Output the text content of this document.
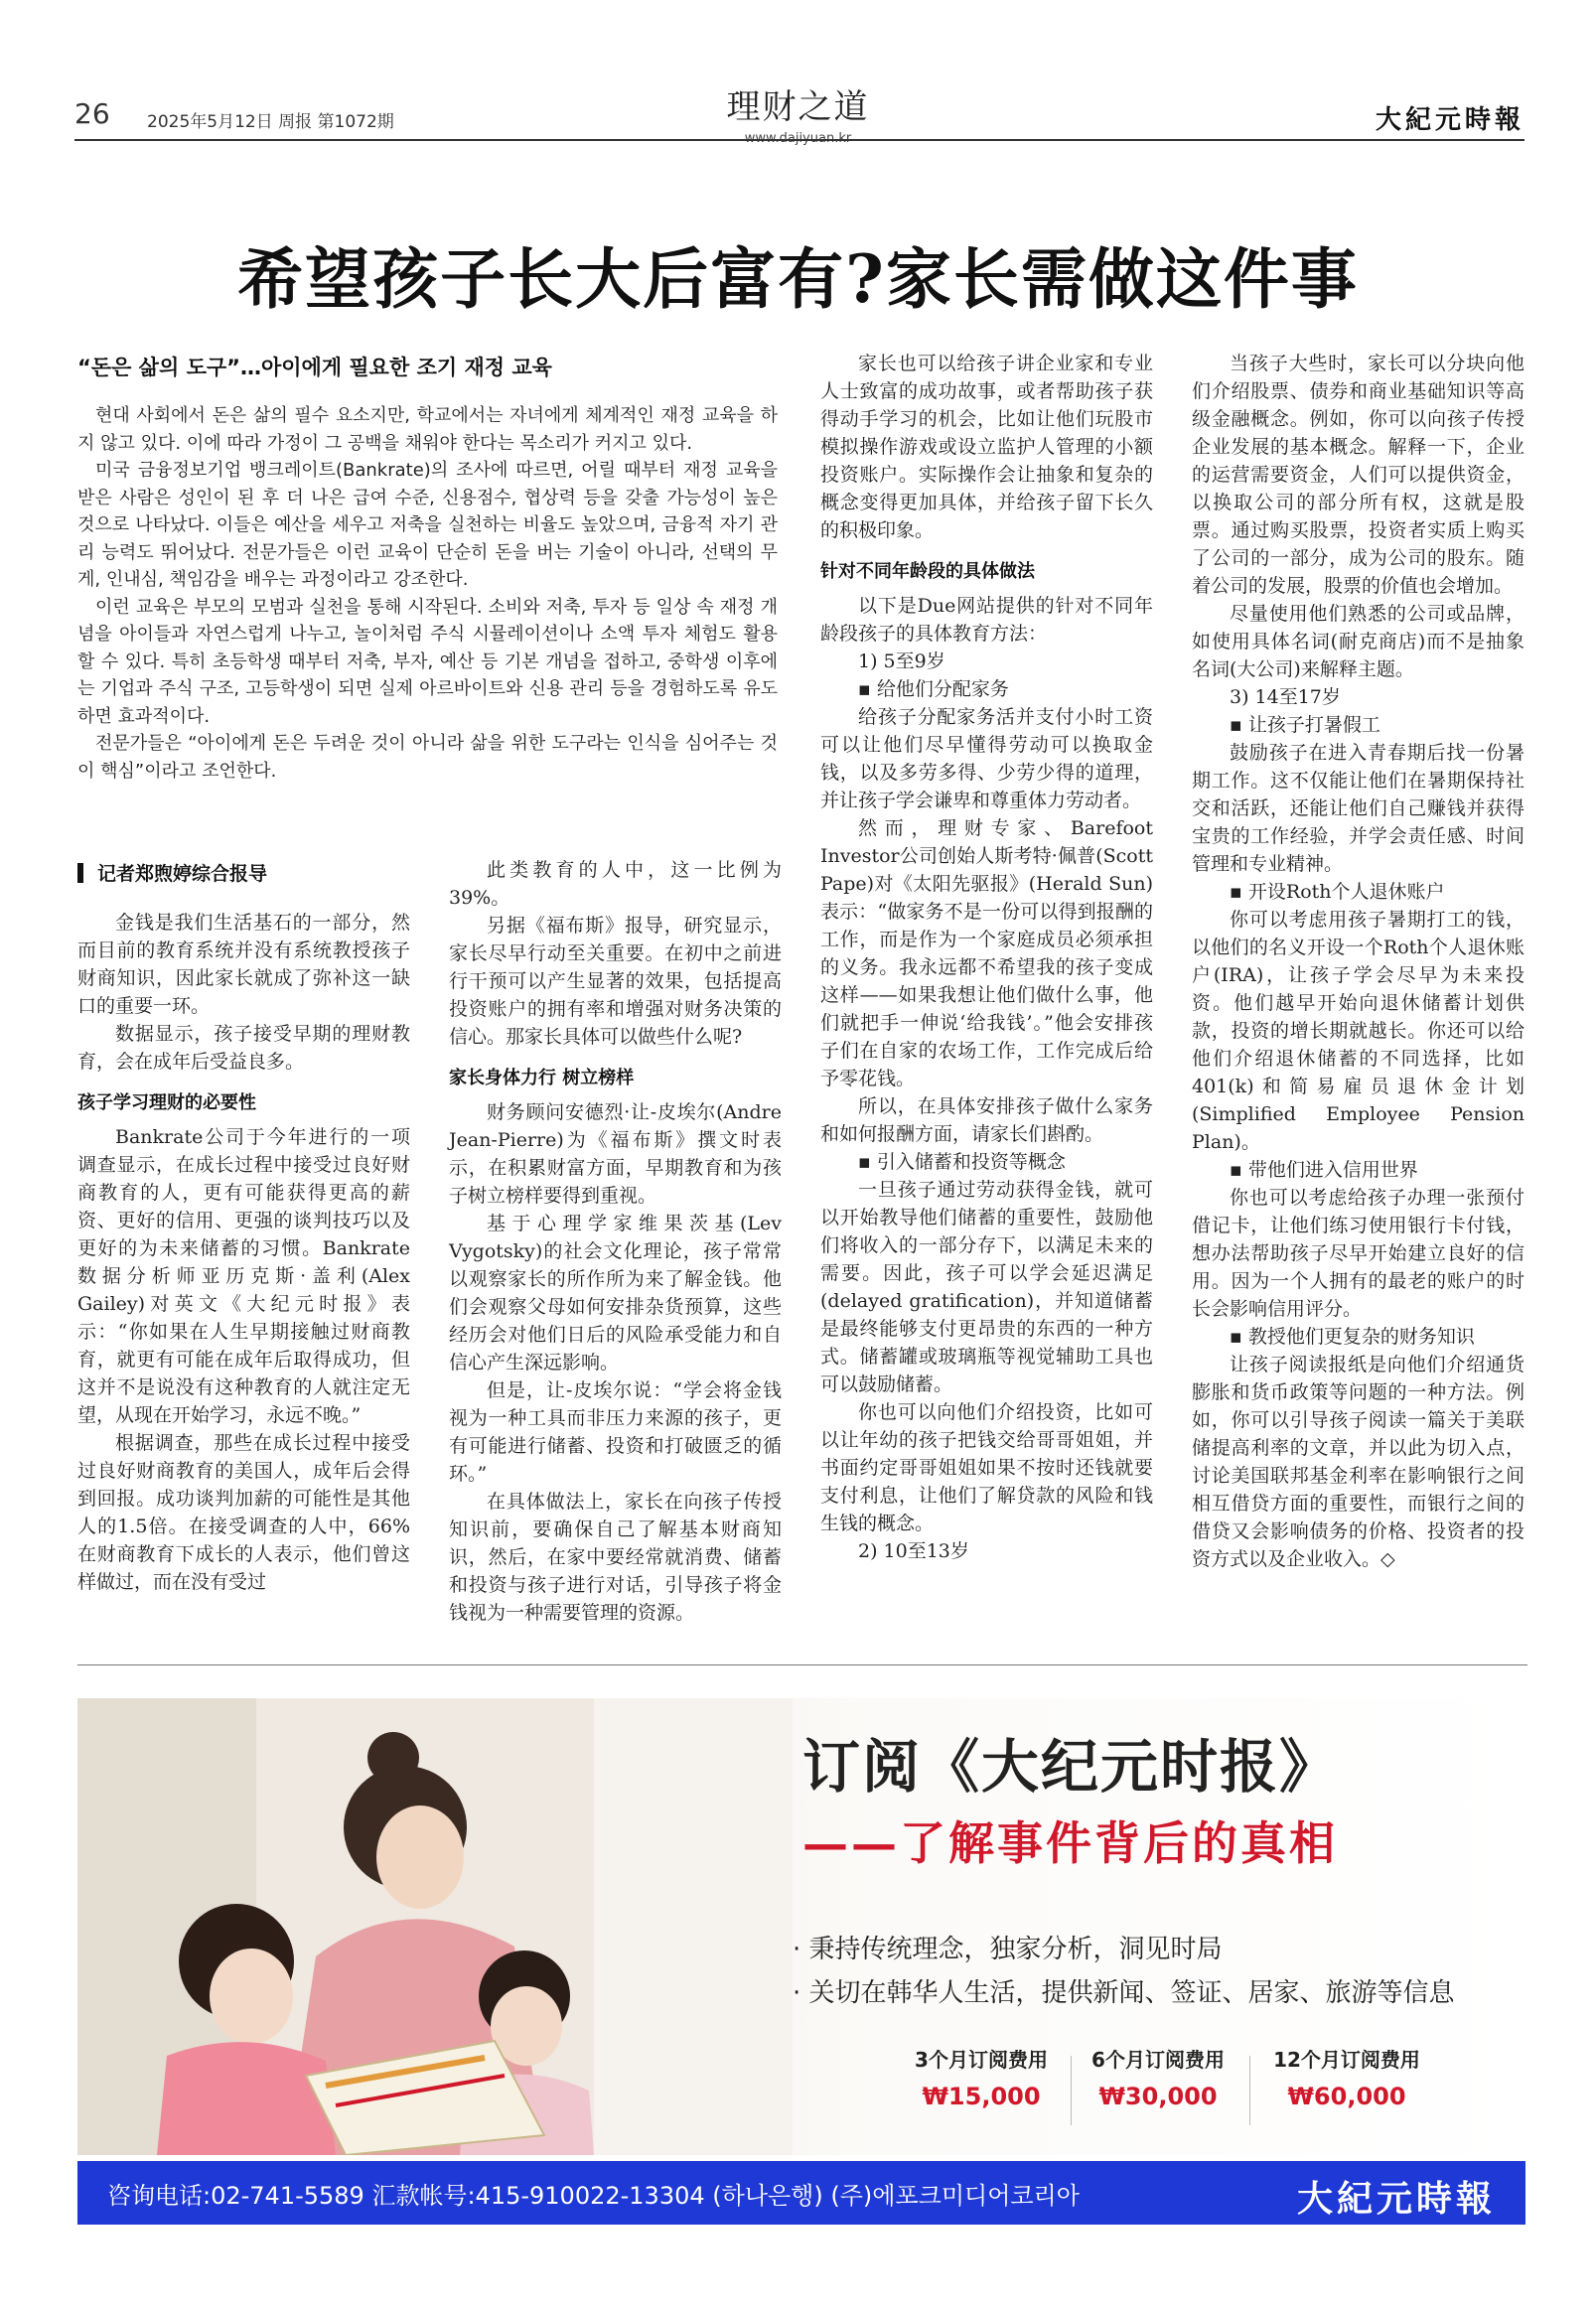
26 2025年5月12日 周报 第1072期	理财之道	大紀元時報
希望孩子长大后富有?家长需做这件事
“돈은 삶의 도구”…아이에게 필요한 조기 재정 교육

현대 사회에서 돈은 삶의 필수 요소지만, 학교에서는 자녀에게 체계적인 재정 교육을 하지 않고 있다. 이에 따라 가정이 그 공백을 채워야 한다는 목소리가 커지고 있다.

미국 금융정보기업 뱅크레이트(Bankrate)의 조사에 따르면, 어릴 때부터 재정 교육을 받은 사람은 성인이 된 후 더 나은 급여 수준, 신용점수, 협상력 등을 갖출 가능성이 높은 것으로 나타났다. 이들은 예산을 세우고 저축을 실천하는 비율도 높았으며, 금융적 자기 관리 능력도 뛰어났다. 전문가들은 이런 교육이 단순히 돈을 버는 기술이 아니라, 선택의 무게, 인내심, 책임감을 배우는 과정이라고 강조한다.

이런 교육은 부모의 모범과 실천을 통해 시작된다. 소비와 저축, 투자 등 일상 속 재정 개념을 아이들과 자연스럽게 나누고, 놀이처럼 주식 시뮬레이션이나 소액 투자 체험도 활용할 수 있다. 특히 초등학생 때부터 저축, 부자, 예산 등 기본 개념을 접하고, 중학생 이후에는 기업과 주식 구조, 고등학생이 되면 실제 아르바이트와 신용 관리 등을 경험하도록 유도하면 효과적이다.

전문가들은 “아이에게 돈은 두려운 것이 아니라 삶을 위한 도구라는 인식을 심어주는 것이 핵심”이라고 조언한다.

记者郑煦婷综合报导

金钱是我们生活基石的一部分，然而目前的教育系统并没有系统教授孩子财商知识，因此家长就成了弥补这一缺口的重要一环。

数据显示，孩子接受早期的理财教育，会在成年后受益良多。

孩子学习理财的必要性

Bankrate公司于今年进行的一项调查显示，在成长过程中接受过良好财商教育的人，更有可能获得更高的薪资、更好的信用、更强的谈判技巧以及更好的为未来储蓄的习惯。Bankrate数据分析师亚历克斯·盖利(Alex Gailey)对英文《大纪元时报》表示：“你如果在人生早期接触过财商教育，就更有可能在成年后取得成功，但这并不是说没有这种教育的人就注定无望，从现在开始学习，永远不晚。”

根据调查，那些在成长过程中接受过良好财商教育的美国人，成年后会得到回报。成功谈判加薪的可能性是其他人的1.5倍。在接受调查的人中，66%在财商教育下成长的人表示，他们曾这样做过，而在没有受过

此类教育的人中，这一比例为39%。

另据《福布斯》报导，研究显示，家长尽早行动至关重要。在初中之前进行干预可以产生显著的效果，包括提高投资账户的拥有率和增强对财务决策的信心。那家长具体可以做些什么呢?

家长身体力行 树立榜样

财务顾问安德烈·让-皮埃尔(Andre Jean-Pierre)为《福布斯》撰文时表示，在积累财富方面，早期教育和为孩子树立榜样要得到重视。

基于心理学家维果茨基(Lev Vygotsky)的社会文化理论，孩子常常以观察家长的所作所为来了解金钱。他们会观察父母如何安排杂货预算，这些经历会对他们日后的风险承受能力和自信心产生深远影响。

但是，让-皮埃尔说：“学会将金钱视为一种工具而非压力来源的孩子，更有可能进行储蓄、投资和打破匮乏的循环。”

在具体做法上，家长在向孩子传授知识前，要确保自己了解基本财商知识，然后，在家中要经常就消费、储蓄和投资与孩子进行对话，引导孩子将金钱视为一种需要管理的资源。

家长也可以给孩子讲企业家和专业人士致富的成功故事，或者帮助孩子获得动手学习的机会，比如让他们玩股市模拟操作游戏或设立监护人管理的小额投资账户。实际操作会让抽象和复杂的概念变得更加具体，并给孩子留下长久的积极印象。

针对不同年龄段的具体做法

以下是Due网站提供的针对不同年龄段孩子的具体教育方法：

1) 5至9岁

▪ 给他们分配家务

给孩子分配家务活并支付小时工资可以让他们尽早懂得劳动可以换取金钱，以及多劳多得、少劳少得的道理，并让孩子学会谦卑和尊重体力劳动者。

然而，理财专家、Barefoot Investor公司创始人斯考特·佩普(Scott Pape)对《太阳先驱报》(Herald Sun)表示：“做家务不是一份可以得到报酬的工作，而是作为一个家庭成员必须承担的义务。我永远都不希望我的孩子变成这样——如果我想让他们做什么事，他们就把手一伸说‘给我钱’。”他会安排孩子们在自家的农场工作，工作完成后给予零花钱。

所以，在具体安排孩子做什么家务和如何报酬方面，请家长们斟酌。

▪ 引入储蓄和投资等概念

一旦孩子通过劳动获得金钱，就可以开始教导他们储蓄的重要性，鼓励他们将收入的一部分存下，以满足未来的需要。因此，孩子可以学会延迟满足(delayed gratification)，并知道储蓄是最终能够支付更昂贵的东西的一种方式。储蓄罐或玻璃瓶等视觉辅助工具也可以鼓励储蓄。

你也可以向他们介绍投资，比如可以让年幼的孩子把钱交给哥哥姐姐，并书面约定哥哥姐姐如果不按时还钱就要支付利息，让他们了解贷款的风险和钱生钱的概念。

2) 10至13岁

当孩子大些时，家长可以分块向他们介绍股票、债券和商业基础知识等高级金融概念。例如，你可以向孩子传授企业发展的基本概念。解释一下，企业的运营需要资金，人们可以提供资金，以换取公司的部分所有权，这就是股票。通过购买股票，投资者实质上购买了公司的一部分，成为公司的股东。随着公司的发展，股票的价值也会增加。

尽量使用他们熟悉的公司或品牌，如使用具体名词(耐克商店)而不是抽象名词(大公司)来解释主题。

3) 14至17岁

▪ 让孩子打暑假工

鼓励孩子在进入青春期后找一份暑期工作。这不仅能让他们在暑期保持社交和活跃，还能让他们自己赚钱并获得宝贵的工作经验，并学会责任感、时间管理和专业精神。

▪ 开设Roth个人退休账户

你可以考虑用孩子暑期打工的钱，以他们的名义开设一个Roth个人退休账户(IRA)，让孩子学会尽早为未来投资。他们越早开始向退休储蓄计划供款，投资的增长期就越长。你还可以给他们介绍退休储蓄的不同选择，比如401(k)和简易雇员退休金计划(Simplified Employee Pension Plan)。

▪ 带他们进入信用世界

你也可以考虑给孩子办理一张预付借记卡，让他们练习使用银行卡付钱，想办法帮助孩子尽早开始建立良好的信用。因为一个人拥有的最老的账户的时长会影响信用评分。

▪ 教授他们更复杂的财务知识

让孩子阅读报纸是向他们介绍通货膨胀和货币政策等问题的一种方法。例如，你可以引导孩子阅读一篇关于美联储提高利率的文章，并以此为切入点，讨论美国联邦基金利率在影响银行之间相互借贷方面的重要性，而银行之间的借贷又会影响债务的价格、投资者的投资方式以及企业收入。◇

订阅《大纪元时报》
——了解事件背后的真相
· 秉持传统理念，独家分析，洞见时局
· 关切在韩华人生活，提供新闻、签证、居家、旅游等信息
3个月订阅费用
₩15,000
6个月订阅费用
₩30,000
12个月订阅费用
₩60,000
咨询电话:02-741-5589 汇款帐号:415-910022-13304 (하나은행) (주)에포크미디어코리아	大紀元時報
